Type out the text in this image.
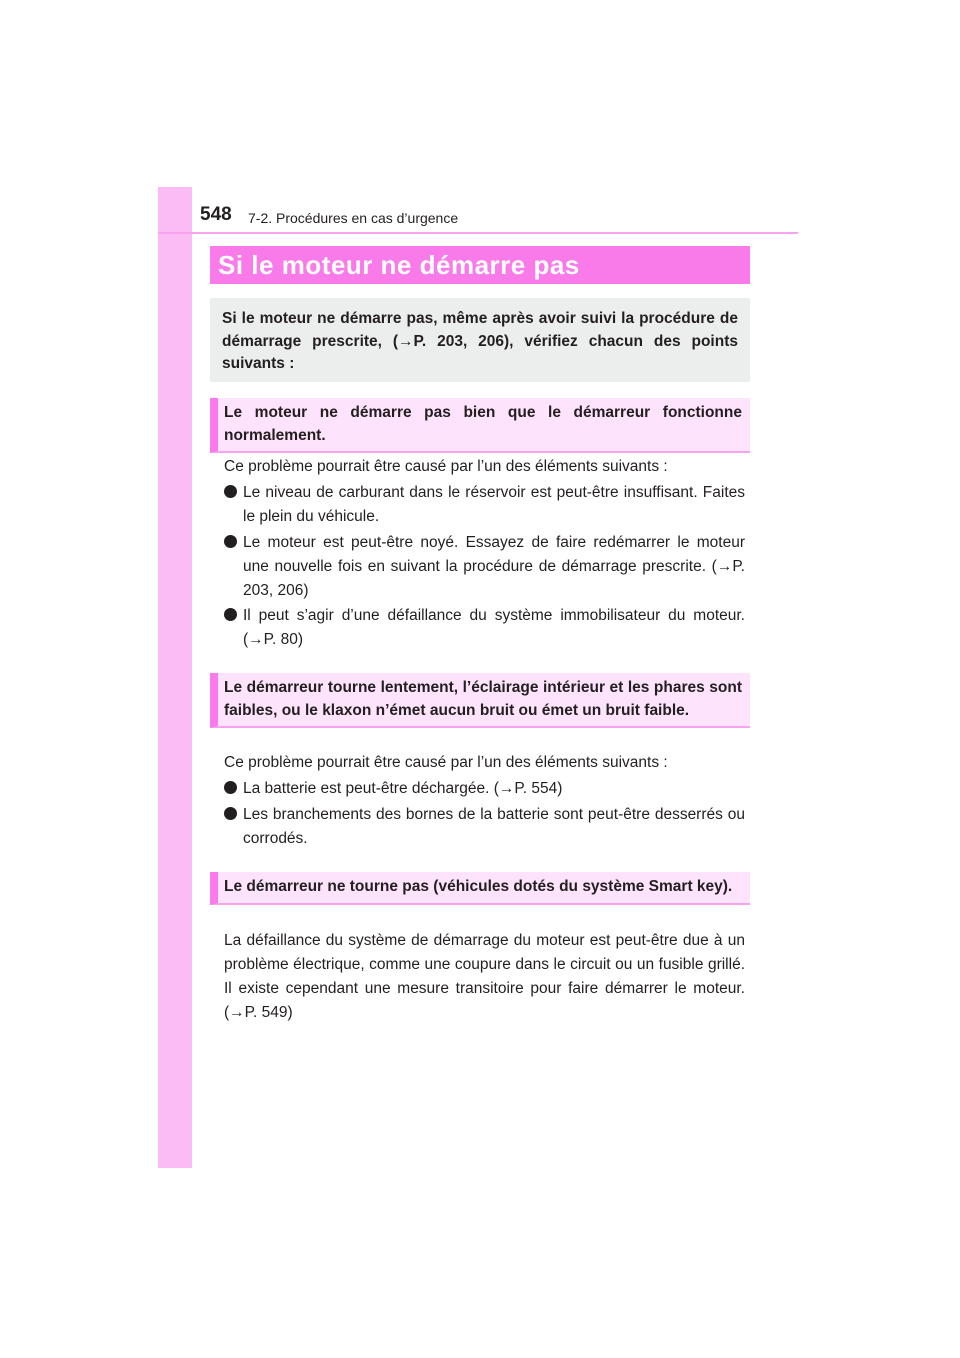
548 7-2. Procédures en cas d’urgence
Si le moteur ne démarre pas

Si le moteur ne démarre pas, même après avoir suivi la procédure de démarrage prescrite, (→P. 203, 206), vérifiez chacun des points suivants :

Le moteur ne démarre pas bien que le démarreur fonctionne normalement.

Ce problème pourrait être causé par l’un des éléments suivants :

Le niveau de carburant dans le réservoir est peut-être insuffisant. Faites le plein du véhicule.

Le moteur est peut-être noyé. Essayez de faire redémarrer le moteur une nouvelle fois en suivant la procédure de démarrage prescrite. (→P. 203, 206)

Il peut s’agir d’une défaillance du système immobilisateur du moteur. (→P. 80)

Le démarreur tourne lentement, l’éclairage intérieur et les phares sont faibles, ou le klaxon n’émet aucun bruit ou émet un bruit faible.

Ce problème pourrait être causé par l’un des éléments suivants :

La batterie est peut-être déchargée. (→P. 554)

Les branchements des bornes de la batterie sont peut-être desserrés ou corrodés.

Le démarreur ne tourne pas (véhicules dotés du système Smart key).

La défaillance du système de démarrage du moteur est peut-être due à un problème électrique, comme une coupure dans le circuit ou un fusible grillé. Il existe cependant une mesure transitoire pour faire démarrer le moteur. (→P. 549)
